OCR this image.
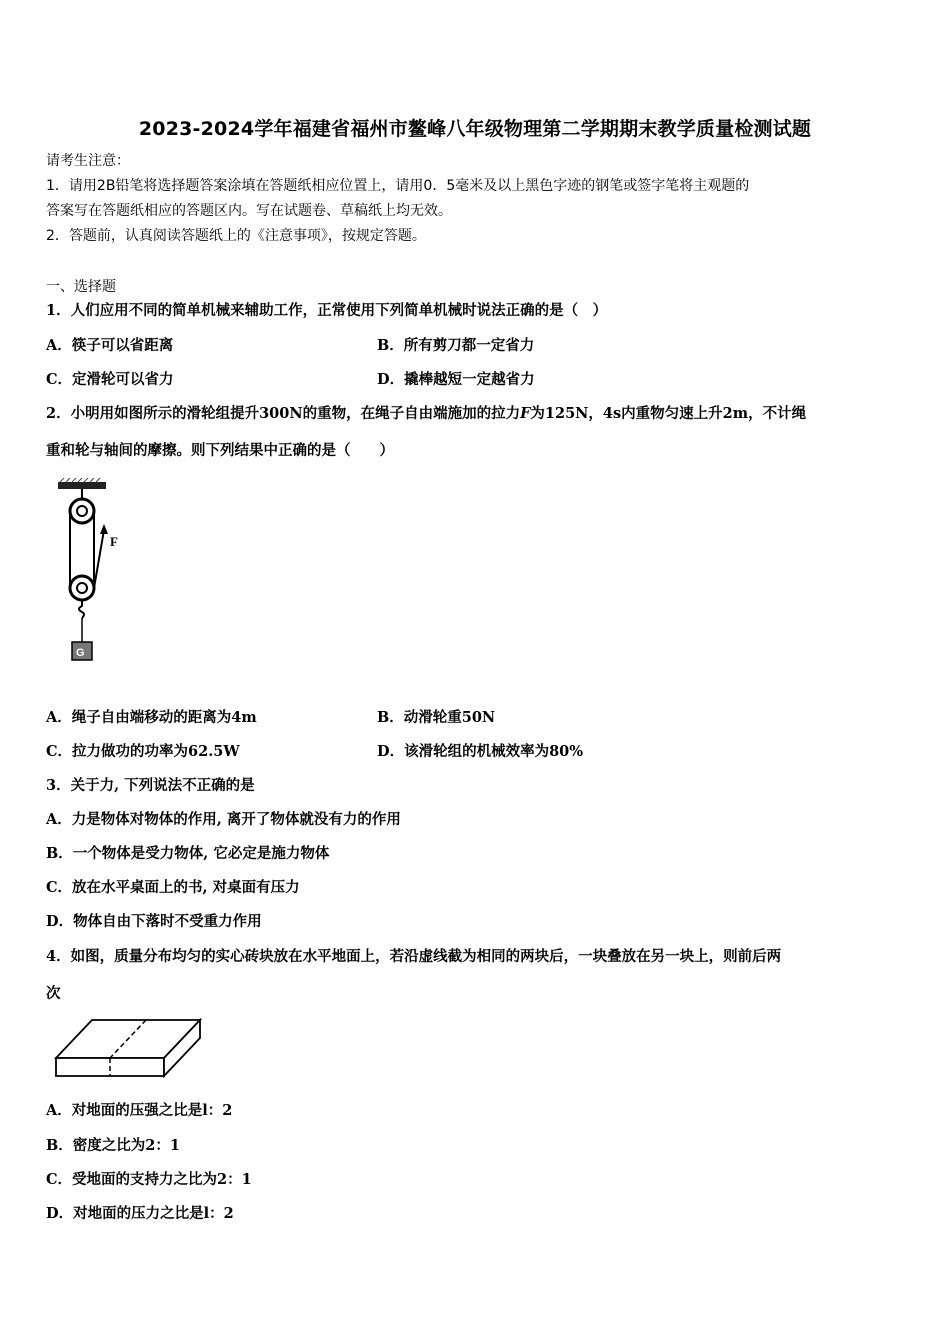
2023-2024学年福建省福州市鳌峰八年级物理第二学期期末教学质量检测试题
请考生注意：
1．请用2B铅笔将选择题答案涂填在答题纸相应位置上，请用0．5毫米及以上黑色字迹的钢笔或签字笔将主观题的
答案写在答题纸相应的答题区内。写在试题卷、草稿纸上均无效。
2．答题前，认真阅读答题纸上的《注意事项》，按规定答题。
一、选择题
1．人们应用不同的简单机械来辅助工作，正常使用下列简单机械时说法正确的是（　）
A．筷子可以省距离	B．所有剪刀都一定省力
C．定滑轮可以省力	D．撬棒越短一定越省力
2．小明用如图所示的滑轮组提升300N的重物，在绳子自由端施加的拉力F为125N，4s内重物匀速上升2m，不计绳
重和轮与轴间的摩擦。则下列结果中正确的是（　　）
F
G
A．绳子自由端移动的距离为4m	B．动滑轮重50N
C．拉力做功的功率为62.5W	D．该滑轮组的机械效率为80%
3．关于力, 下列说法不正确的是
A．力是物体对物体的作用, 离开了物体就没有力的作用
B．一个物体是受力物体, 它必定是施力物体
C．放在水平桌面上的书, 对桌面有压力
D．物体自由下落时不受重力作用
4．如图，质量分布均匀的实心砖块放在水平地面上，若沿虚线截为相同的两块后，一块叠放在另一块上，则前后两
次
A．对地面的压强之比是l：2
B．密度之比为2：1
C．受地面的支持力之比为2：1
D．对地面的压力之比是l：2
